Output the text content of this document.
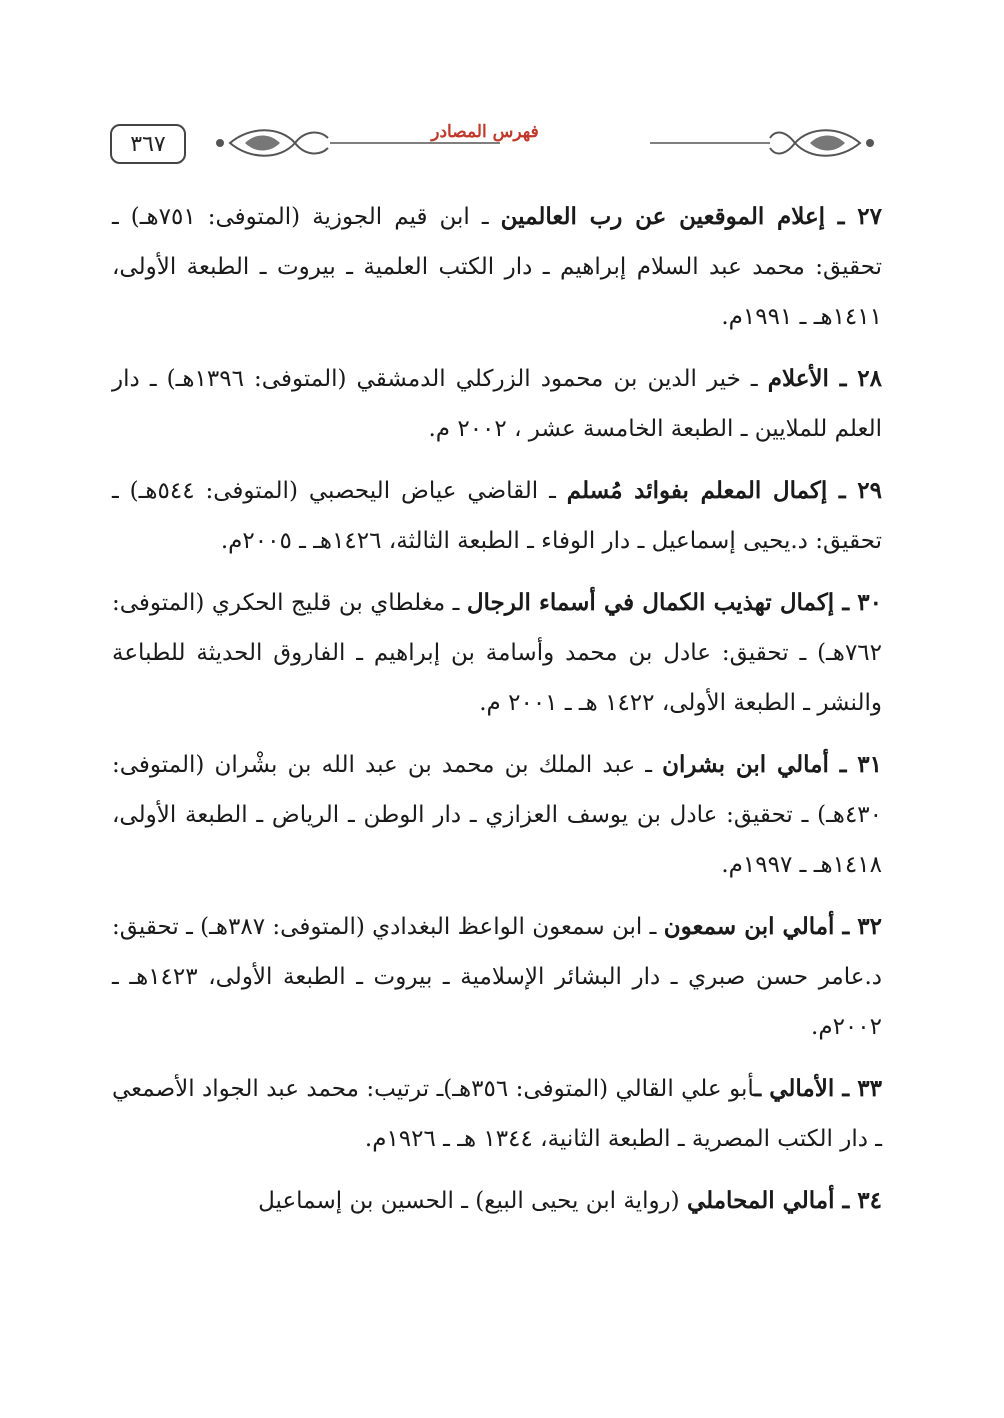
٣٦٧	فهرس المصادر

٢٧ ـ إعلام الموقعين عن رب العالمين ـ ابن قيم الجوزية (المتوفى: ٧٥١هـ) ـ تحقيق: محمد عبد السلام إبراهيم ـ دار الكتب العلمية ـ بيروت ـ الطبعة الأولى، ١٤١١هـ ـ ١٩٩١م.

٢٨ ـ الأعلام ـ خير الدين بن محمود الزركلي الدمشقي (المتوفى: ١٣٩٦هـ) ـ دار العلم للملايين ـ الطبعة الخامسة عشر ، ٢٠٠٢ م.

٢٩ ـ إكمال المعلم بفوائد مُسلم ـ القاضي عياض اليحصبي (المتوفى: ٥٤٤هـ) ـ تحقيق: د.يحيى إسماعيل ـ دار الوفاء ـ الطبعة الثالثة، ١٤٢٦هـ ـ ٢٠٠٥م.

٣٠ ـ إكمال تهذيب الكمال في أسماء الرجال ـ مغلطاي بن قليج الحكري (المتوفى: ٧٦٢هـ) ـ تحقيق: عادل بن محمد وأسامة بن إبراهيم ـ الفاروق الحديثة للطباعة والنشر ـ الطبعة الأولى، ١٤٢٢ هـ ـ ٢٠٠١ م.

٣١ ـ أمالي ابن بشران ـ عبد الملك بن محمد بن عبد الله بن بشْران (المتوفى: ٤٣٠هـ) ـ تحقيق: عادل بن يوسف العزازي ـ دار الوطن ـ الرياض ـ الطبعة الأولى، ١٤١٨هـ ـ ١٩٩٧م.

٣٢ ـ أمالي ابن سمعون ـ ابن سمعون الواعظ البغدادي (المتوفى: ٣٨٧هـ) ـ تحقيق: د.عامر حسن صبري ـ دار البشائر الإسلامية ـ بيروت ـ الطبعة الأولى، ١٤٢٣هـ ـ ٢٠٠٢م.

٣٣ ـ الأمالي ـأبو علي القالي (المتوفى: ٣٥٦هـ)ـ ترتيب: محمد عبد الجواد الأصمعي ـ دار الكتب المصرية ـ الطبعة الثانية، ١٣٤٤ هـ ـ ١٩٢٦م.

٣٤ ـ أمالي المحاملي (رواية ابن يحيى البيع) ـ الحسين بن إسماعيل
